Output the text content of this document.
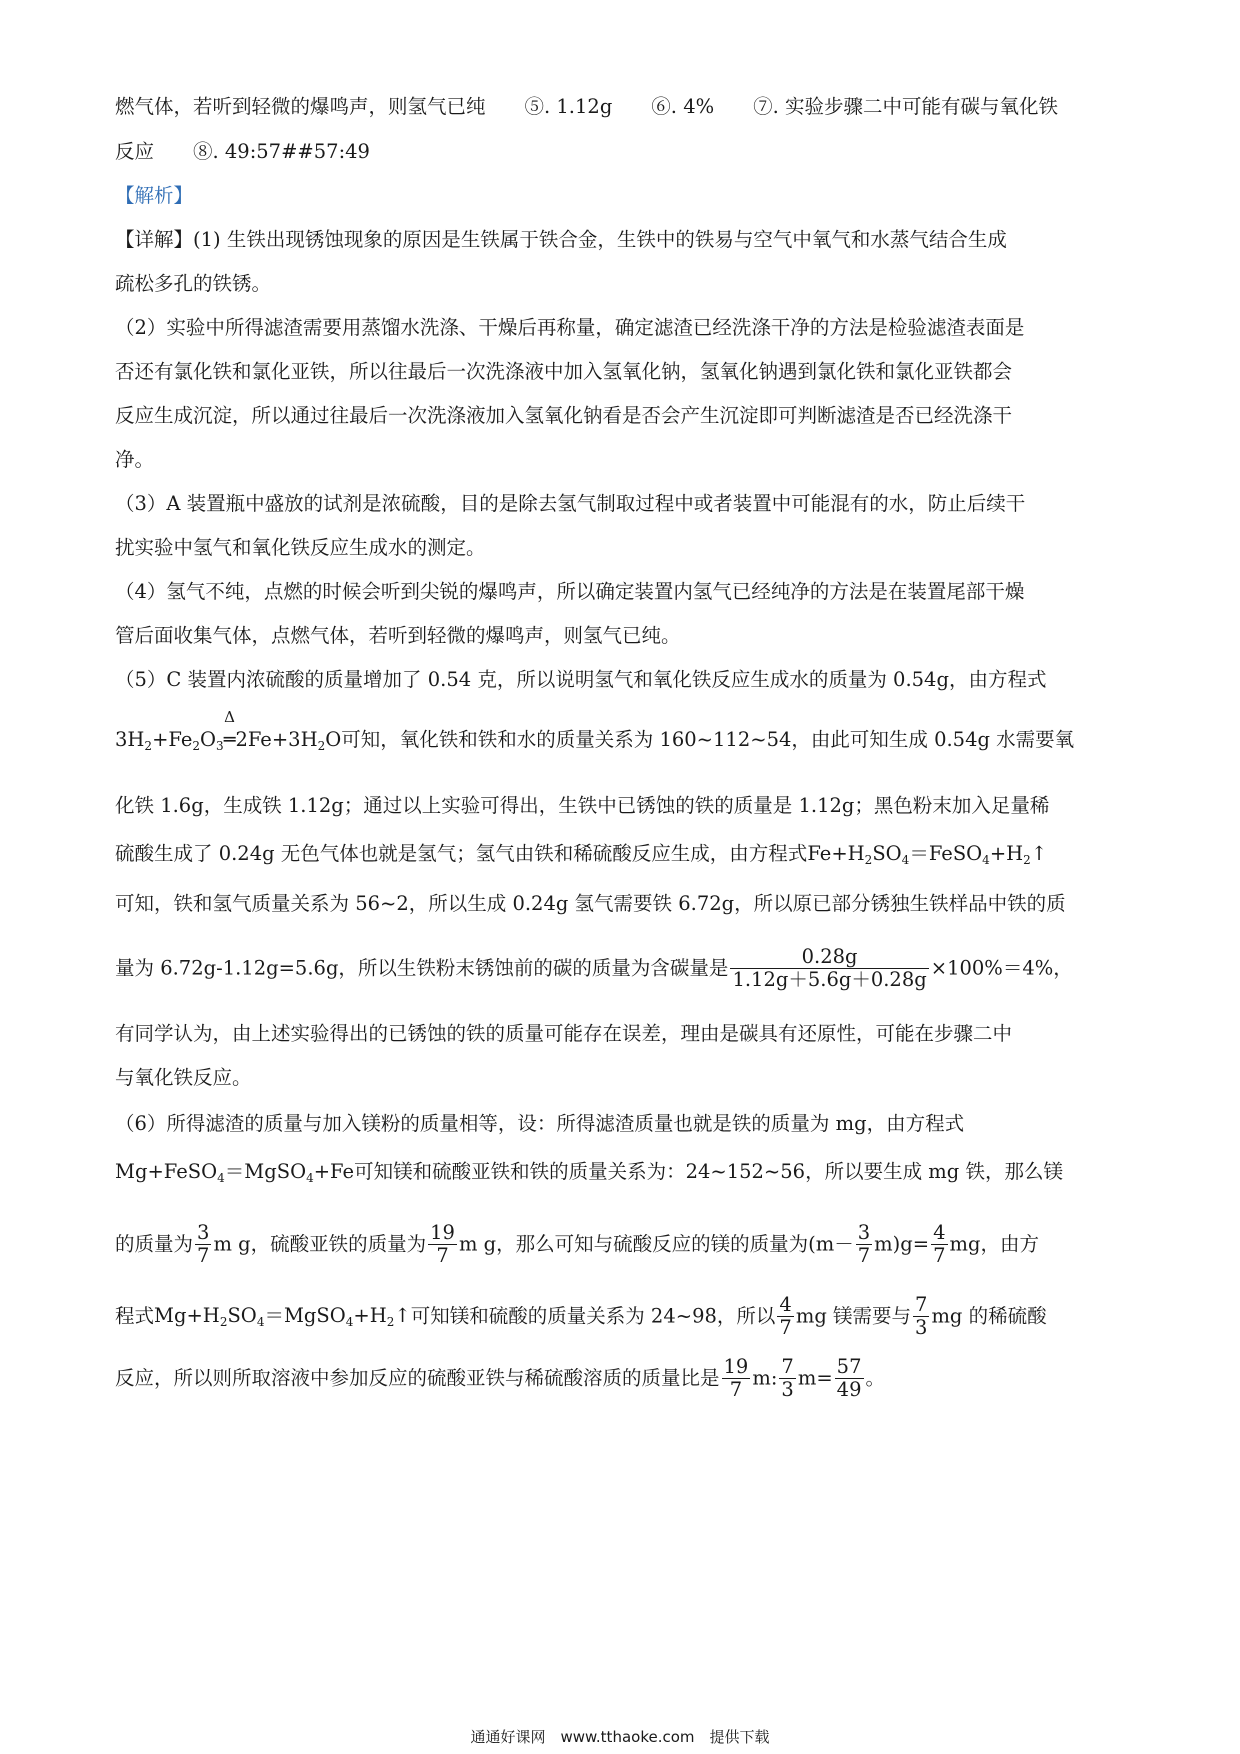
燃气体，若听到轻微的爆鸣声，则氢气已纯　　⑤. 1.12g　　⑥. 4%　　⑦. 实验步骤二中可能有碳与氧化铁
反应　　⑧. 49:57##57:49
【解析】
【详解】(1) 生铁出现锈蚀现象的原因是生铁属于铁合金，生铁中的铁易与空气中氧气和水蒸气结合生成
疏松多孔的铁锈。
（2）实验中所得滤渣需要用蒸馏水洗涤、干燥后再称量，确定滤渣已经洗涤干净的方法是检验滤渣表面是
否还有氯化铁和氯化亚铁，所以往最后一次洗涤液中加入氢氧化钠，氢氧化钠遇到氯化铁和氯化亚铁都会
反应生成沉淀，所以通过往最后一次洗涤液加入氢氧化钠看是否会产生沉淀即可判断滤渣是否已经洗涤干
净。
（3）A 装置瓶中盛放的试剂是浓硫酸，目的是除去氢气制取过程中或者装置中可能混有的水，防止后续干
扰实验中氢气和氧化铁反应生成水的测定。
（4）氢气不纯，点燃的时候会听到尖锐的爆鸣声，所以确定装置内氢气已经纯净的方法是在装置尾部干燥
管后面收集气体，点燃气体，若听到轻微的爆鸣声，则氢气已纯。
（5）C 装置内浓硫酸的质量增加了 0.54 克，所以说明氢气和氧化铁反应生成水的质量为 0.54g，由方程式
$3H_2+Fe_2O_3$
Δ
$═2Fe+3H_2O$可知，氧化铁和铁和水的质量关系为 160~112~54，由此可知生成 0.54g 水需要氧
化铁 1.6g，生成铁 1.12g；通过以上实验可得出，生铁中已锈蚀的铁的质量是 1.12g；黑色粉末加入足量稀
硫酸生成了 0.24g 无色气体也就是氢气；氢气由铁和稀硫酸反应生成，由方程式$Fe+H_2SO_4=FeSO_4+H_2↑$
可知，铁和氢气质量关系为 56~2，所以生成 0.24g 氢气需要铁 6.72g，所以原已部分锈独生铁样品中铁的质
量为 6.72g-1.12g=5.6g，所以生铁粉末锈蚀前的碳的质量为含碳量是 $\frac{0.28g}{1.12g+5.6g+0.28g} \times 100\%=4\%$，
有同学认为，由上述实验得出的已锈蚀的铁的质量可能存在误差，理由是碳具有还原性，可能在步骤二中
与氧化铁反应。
（6）所得滤渣的质量与加入镁粉的质量相等，设：所得滤渣质量也就是铁的质量为 mg，由方程式
Mg+FeSO$_4$＝MgSO$_4$+Fe可知镁和硫酸亚铁和铁的质量关系为：24~152~56，所以要生成 mg 铁，那么镁
的质量为 $\frac{3}{7}$ m g，硫酸亚铁的质量为 $\frac{19}{7}$ m g，那么可知与硫酸反应的镁的质量为$(m- \frac{3}{7} m)g= \frac{4}{7}$ mg，由方
程式$Mg+H_2SO_4=MgSO_4+H_2↑$可知镁和硫酸的质量关系为 24~98，所以 $\frac{4}{7}$ mg 镁需要与 $\frac{7}{3}$ mg 的稀硫酸
反应，所以则所取溶液中参加反应的硫酸亚铁与稀硫酸溶质的质量比是 $\frac{19}{7} m$: $\frac{7}{3} m= \frac{57}{49}$ 。
通通好课网　www.tthaoke.com　提供下载
